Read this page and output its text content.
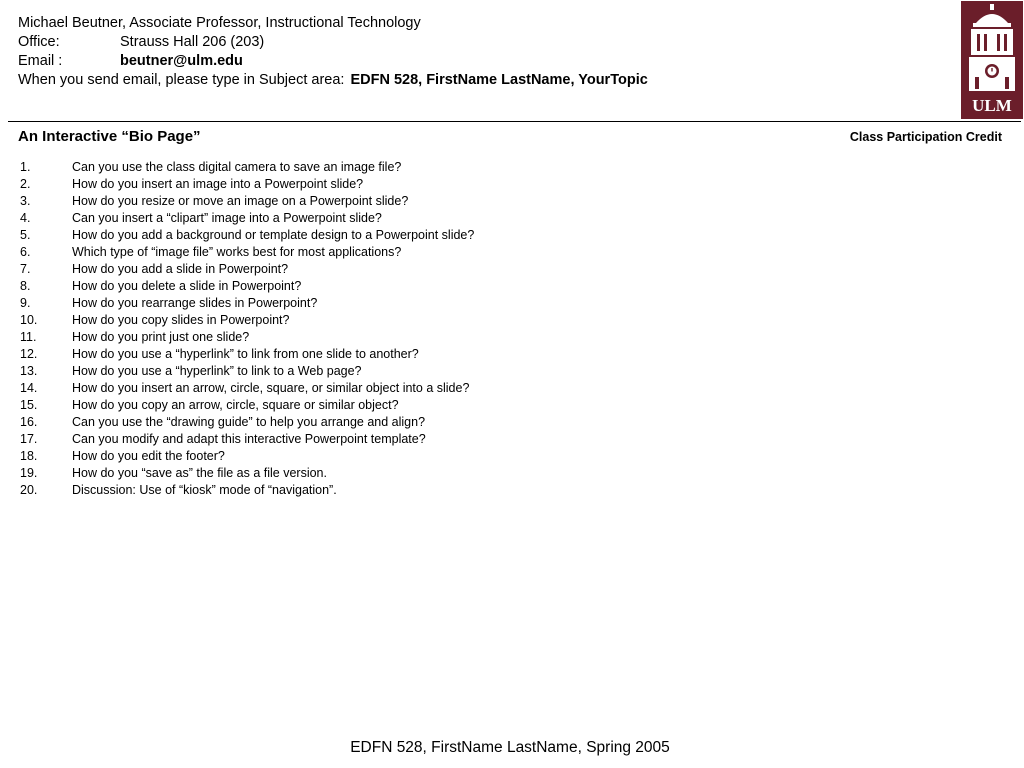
Michael Beutner, Associate Professor, Instructional Technology
Office:	Strauss Hall 206 (203)
Email :	beutner@ulm.edu
When you send email, please type in Subject area: EDFN 528, FirstName LastName, YourTopic
ULM
An Interactive “Bio Page”	Class Participation Credit
1.	Can you use the class digital camera to save an image file?
2.	How do you insert an image into a Powerpoint slide?
3.	How do you resize or move an image on a Powerpoint slide?
4.	Can you insert a “clipart” image into a Powerpoint slide?
5.	How do you add a background or template design to a Powerpoint slide?
6.	Which type of “image file” works best for most applications?
7.	How do you add a slide in Powerpoint?
8.	How do you delete a slide in Powerpoint?
9.	How do you rearrange slides in Powerpoint?
10.	How do you copy slides in Powerpoint?
11.	How do you print just one slide?
12.	How do you use a “hyperlink” to link from one slide to another?
13.	How do you use a “hyperlink” to link to a Web page?
14.	How do you insert an arrow, circle, square, or similar object into a slide?
15.	How do you copy an arrow, circle, square or similar object?
16.	Can you use the “drawing guide” to help you arrange and align?
17.	Can you modify and adapt this interactive Powerpoint template?
18.	How do you edit the footer?
19.	How do you “save as” the file as a file version.
20.	Discussion: Use of “kiosk” mode of “navigation”.
EDFN 528, FirstName LastName, Spring 2005
